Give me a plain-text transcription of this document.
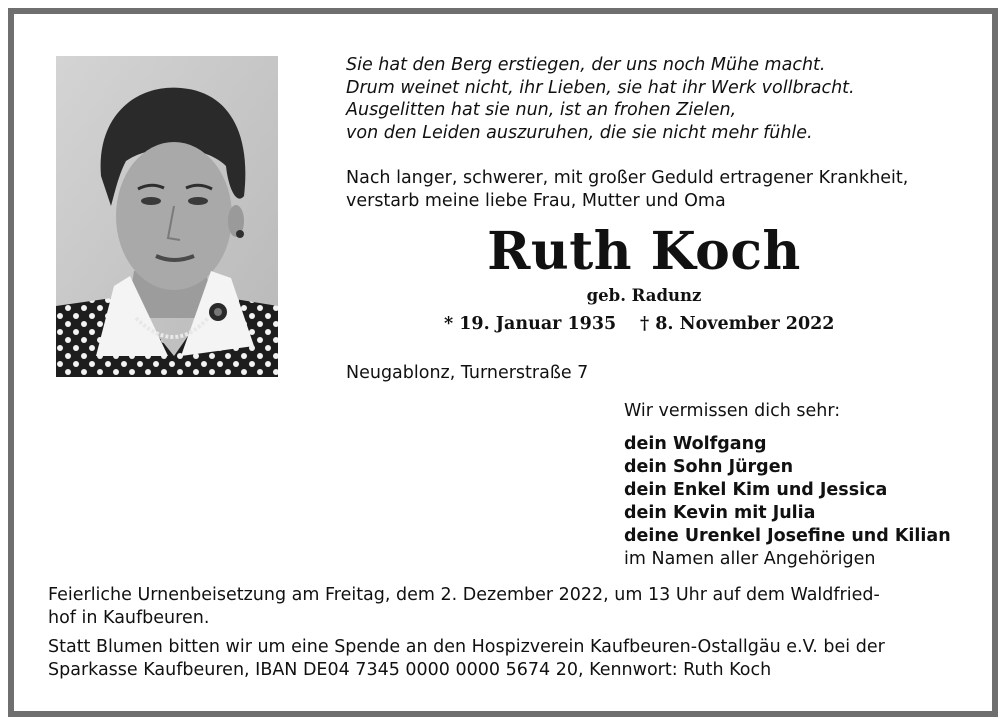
Sie hat den Berg erstiegen, der uns noch Mühe macht.
Drum weinet nicht, ihr Lieben, sie hat ihr Werk vollbracht.
Ausgelitten hat sie nun, ist an frohen Zielen,
von den Leiden auszuruhen, die sie nicht mehr fühle.
Nach langer, schwerer, mit großer Geduld ertragener Krankheit,
verstarb meine liebe Frau, Mutter und Oma
Ruth Koch
geb. Radunz
* 19. Januar 1935 † 8. November 2022
Neugablonz, Turnerstraße 7
Wir vermissen dich sehr:
dein Wolfgang
dein Sohn Jürgen
dein Enkel Kim und Jessica
dein Kevin mit Julia
deine Urenkel Josefine und Kilian
im Namen aller Angehörigen
Feierliche Urnenbeisetzung am Freitag, dem 2. Dezember 2022, um 13 Uhr auf dem Waldfried-
hof in Kaufbeuren.
Statt Blumen bitten wir um eine Spende an den Hospizverein Kaufbeuren-Ostallgäu e.V. bei der
Sparkasse Kaufbeuren, IBAN DE04 7345 0000 0000 5674 20, Kennwort: Ruth Koch
